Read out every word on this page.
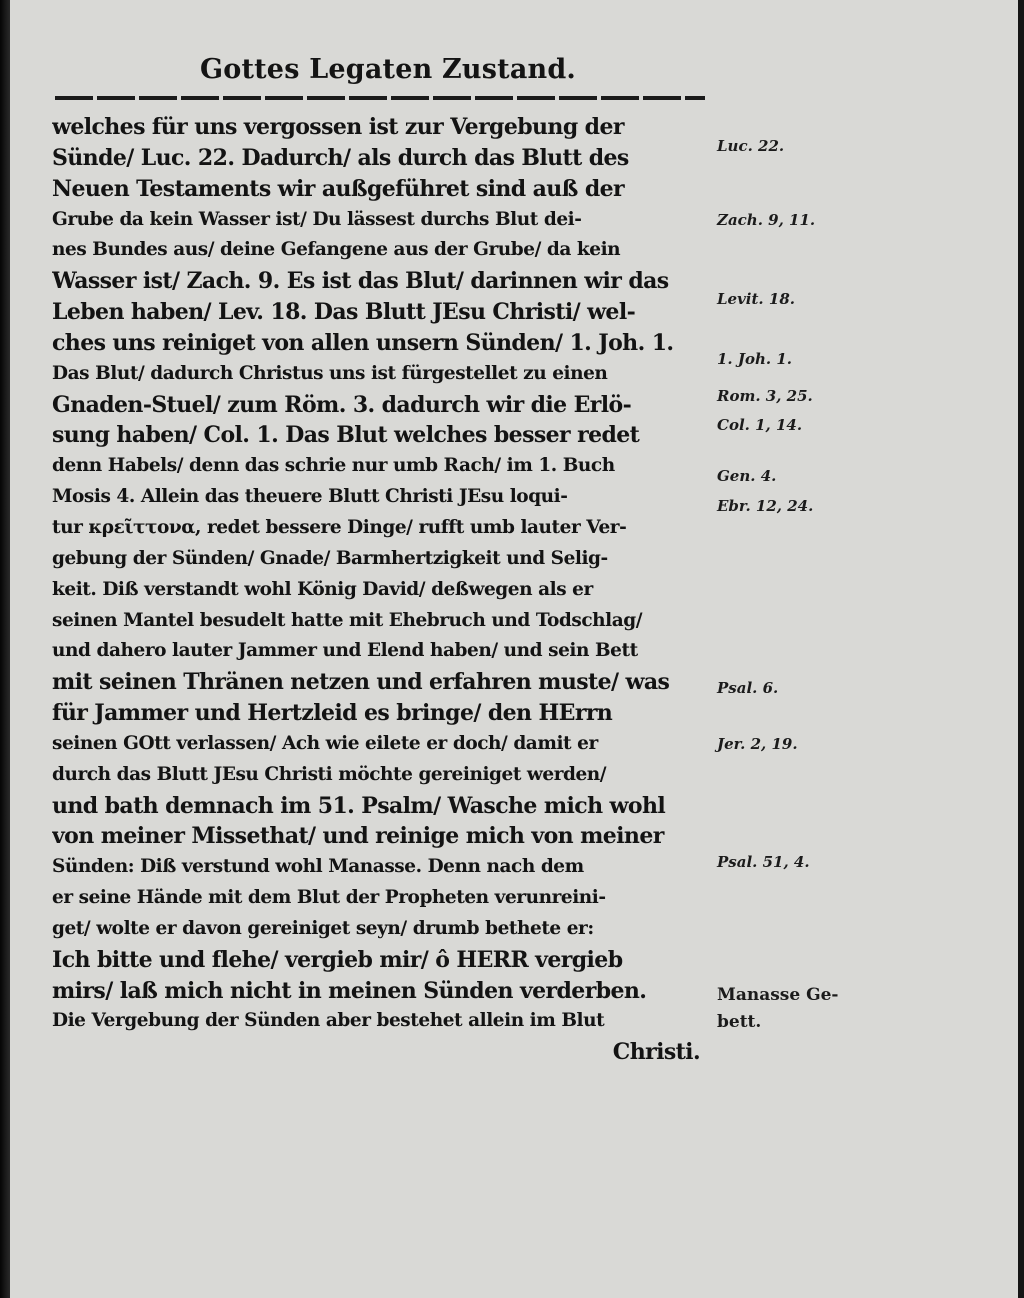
Gottes Legaten Zustand.
welches für uns vergossen ist zur Vergebung der
Sünde/ Luc. 22. Dadurch/ als durch das Blutt des
Neuen Testaments wir außgeführet sind auß der
Grube da kein Wasser ist/ Du lässest durchs Blut dei-
nes Bundes aus/ deine Gefangene aus der Grube/ da kein
Wasser ist/ Zach. 9. Es ist das Blut/ darinnen wir das
Leben haben/ Lev. 18. Das Blutt JEsu Christi/ wel-
ches uns reiniget von allen unsern Sünden/ 1. Joh. 1.
Das Blut/ dadurch Christus uns ist fürgestellet zu einen
Gnaden-Stuel/ zum Röm. 3. dadurch wir die Erlö-
sung haben/ Col. 1. Das Blut welches besser redet
denn Habels/ denn das schrie nur umb Rach/ im 1. Buch
Mosis 4. Allein das theuere Blutt Christi JEsu loqui-
tur κρεῖττονα, redet bessere Dinge/ rufft umb lauter Ver-
gebung der Sünden/ Gnade/ Barmhertzigkeit und Selig-
keit. Diß verstandt wohl König David/ deßwegen als er
seinen Mantel besudelt hatte mit Ehebruch und Todschlag/
und dahero lauter Jammer und Elend haben/ und sein Bett
mit seinen Thränen netzen und erfahren muste/ was
für Jammer und Hertzleid es bringe/ den HErrn
seinen GOtt verlassen/ Ach wie eilete er doch/ damit er
durch das Blutt JEsu Christi möchte gereiniget werden/
und bath demnach im 51. Psalm/ Wasche mich wohl
von meiner Missethat/ und reinige mich von meiner
Sünden: Diß verstund wohl Manasse. Denn nach dem
er seine Hände mit dem Blut der Propheten verunreini-
get/ wolte er davon gereiniget seyn/ drumb bethete er:
Ich bitte und flehe/ vergieb mir/ ô HERR vergieb
mirs/ laß mich nicht in meinen Sünden verderben.
Die Vergebung der Sünden aber bestehet allein im Blut
Christi.
Luc. 22.
Zach. 9, 11.
Levit. 18.
1. Joh. 1.
Rom. 3, 25.
Col. 1, 14.
Gen. 4.
Ebr. 12, 24.
Psal. 6.
Jer. 2, 19.
Psal. 51, 4.
Manasse Ge-
bett.
